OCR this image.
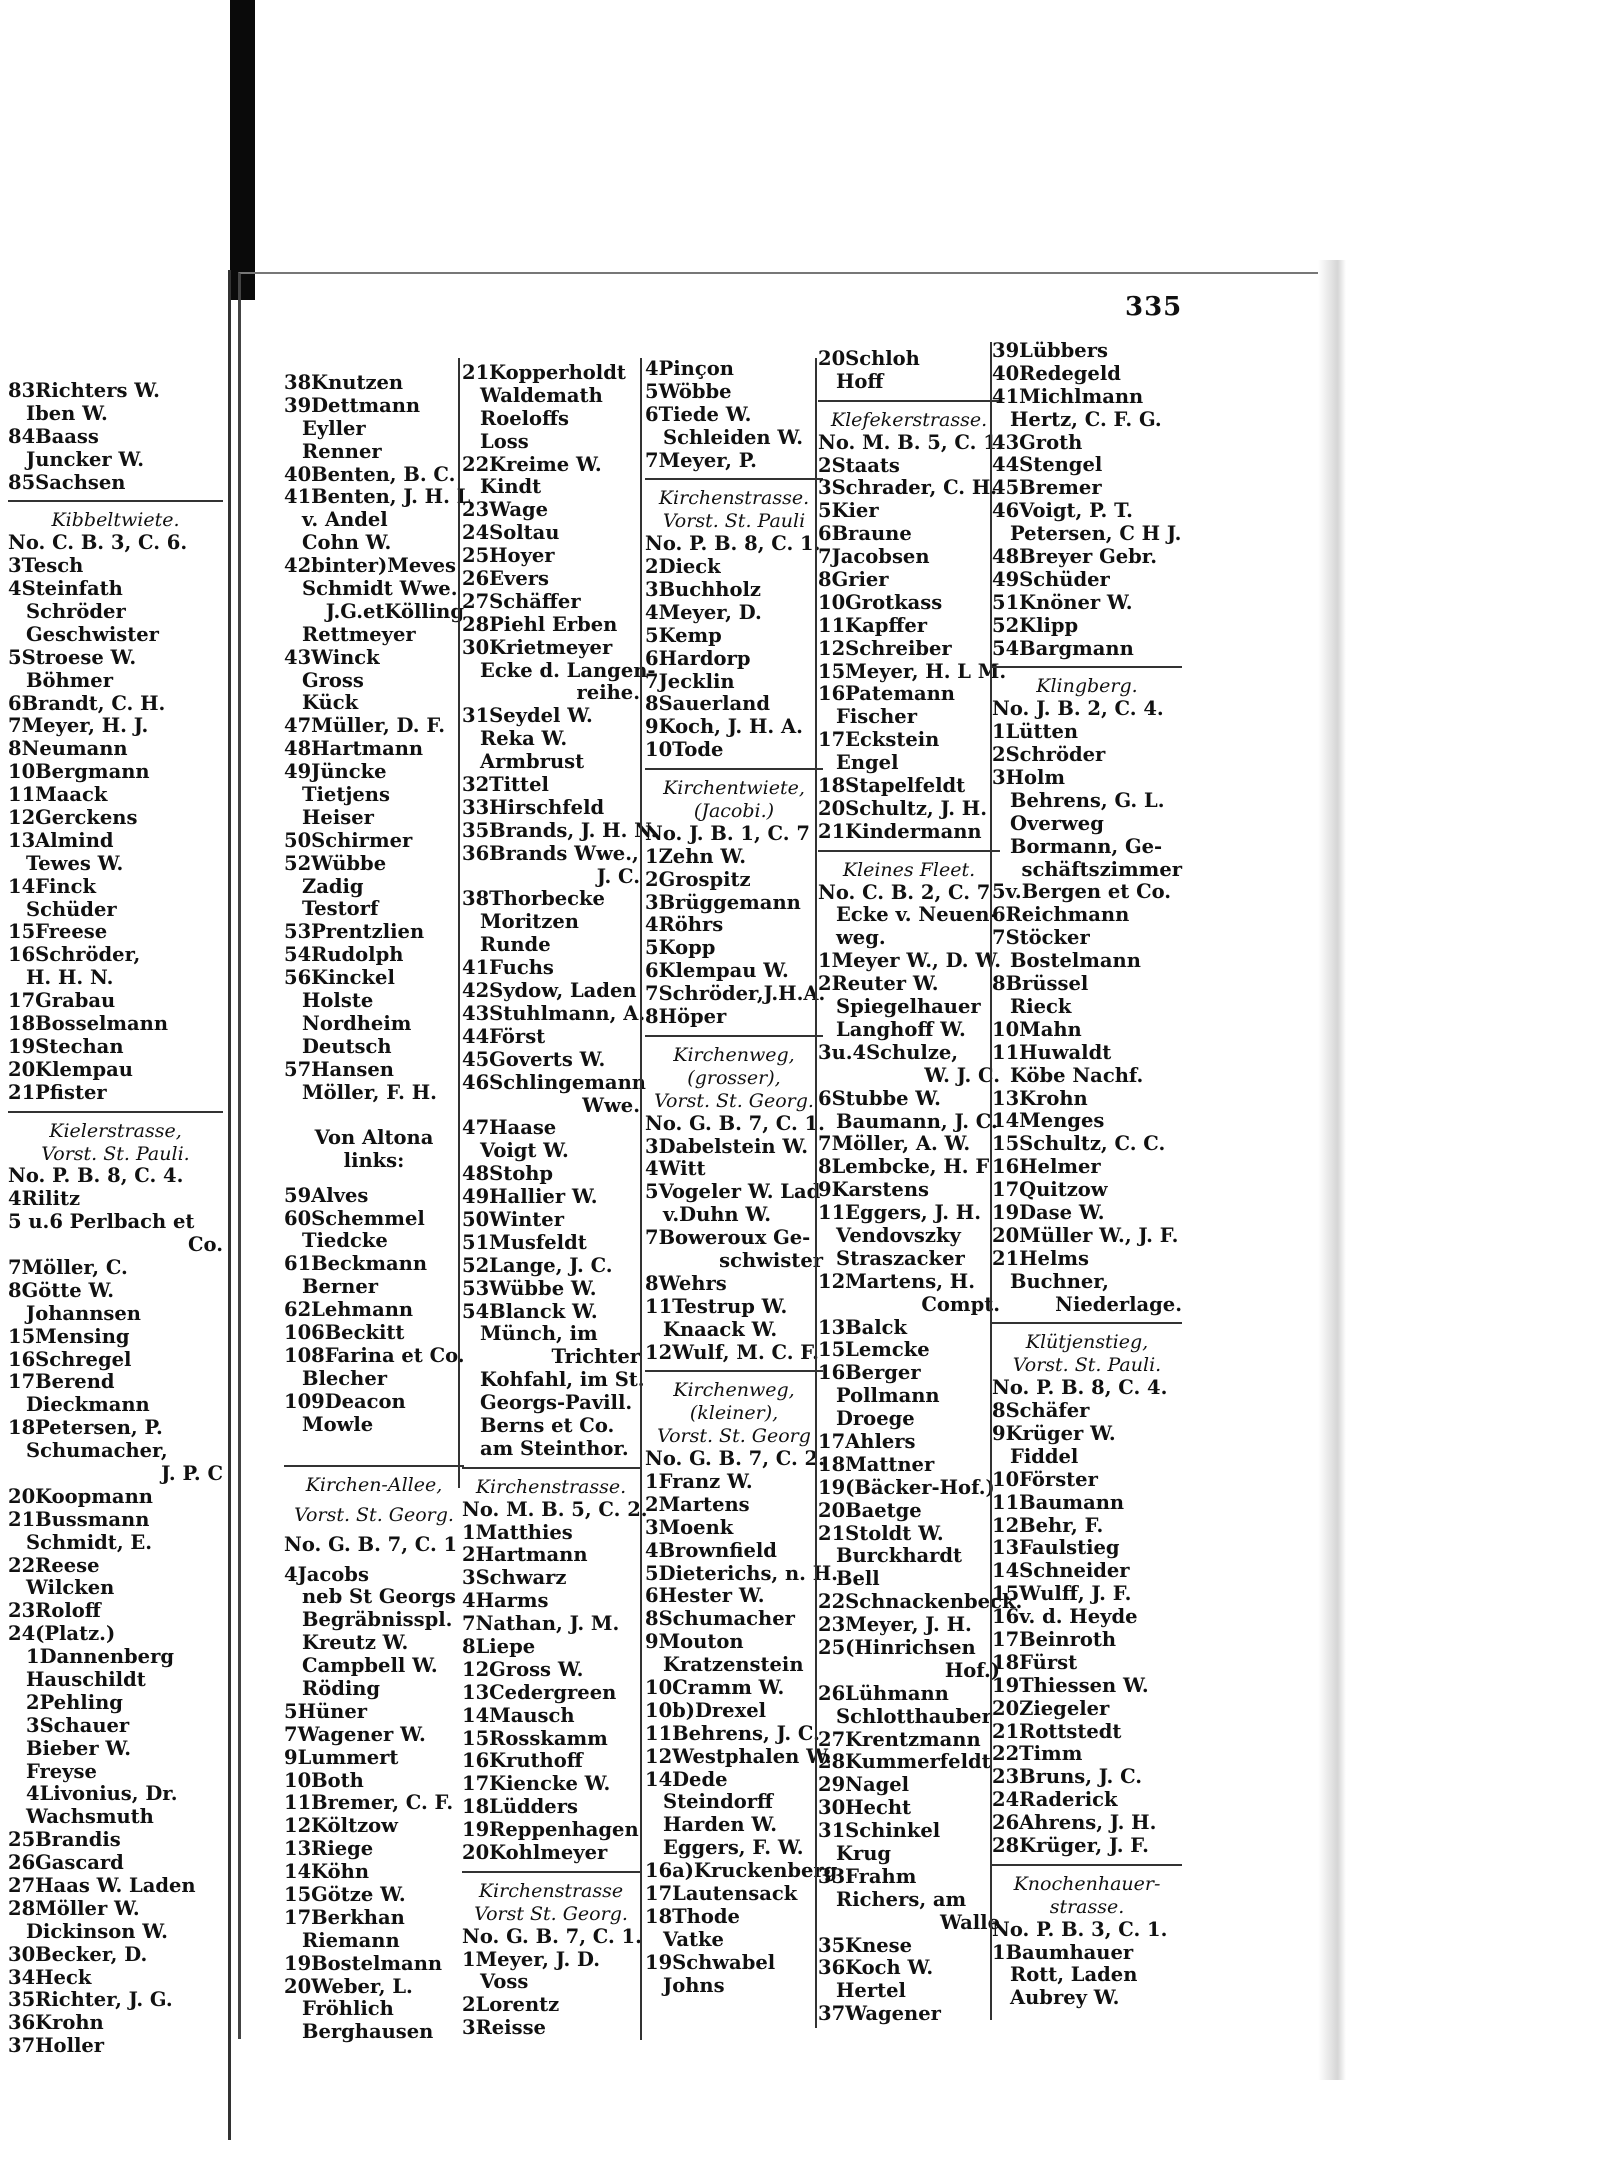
83Richters W.
Iben W.
84Baass
Juncker W.
85Sachsen
Kibbeltwiete.
No. C. B. 3, C. 6.
3Tesch
4Steinfath
Schröder
Geschwister
5Stroese W.
Böhmer
6Brandt, C. H.
7Meyer, H. J.
8Neumann
10Bergmann
11Maack
12Gerckens
13Almind
Tewes W.
14Finck
Schüder
15Freese
16Schröder,
H. H. N.
17Grabau
18Bosselmann
19Stechan
20Klempau
21Pfister
Kielerstrasse,
Vorst. St. Pauli.
No. P. B. 8, C. 4.
4Rilitz
5 u.6 Perlbach et
Co.
7Möller, C.
8Götte W.
Johannsen
15Mensing
16Schregel
17Berend
Dieckmann
18Petersen, P.
Schumacher,
J. P. C
20Koopmann
21Bussmann
Schmidt, E.
22Reese
Wilcken
23Roloff
24(Platz.)
1Dannenberg
Hauschildt
2Pehling
3Schauer
Bieber W.
Freyse
4Livonius, Dr.
Wachsmuth
25Brandis
26Gascard
27Haas W. Laden
28Möller W.
Dickinson W.
30Becker, D.
34Heck
35Richter, J. G.
36Krohn
37Holler
335
38Knutzen
39Dettmann
Eyller
Renner
40Benten, B. C.
41Benten, J. H. L
v. Andel
Cohn W.
42binter)Meves
Schmidt Wwe.
J.G.etKölling
Rettmeyer
43Winck
Gross
Kück
47Müller, D. F.
48Hartmann
49Jüncke
Tietjens
Heiser
50Schirmer
52Wübbe
Zadig
Testorf
53Prentzlien
54Rudolph
56Kinckel
Holste
Nordheim
Deutsch
57Hansen
Möller, F. H.
Von Altona
links:
59Alves
60Schemmel
Tiedcke
61Beckmann
Berner
62Lehmann
106Beckitt
108Farina et Co.
Blecher
109Deacon
Mowle
Kirchen-Allee,
Vorst. St. Georg.
No. G. B. 7, C. 1
4Jacobs
neb St Georgs
Begräbnisspl.
Kreutz W.
Campbell W.
Röding
5Hüner
7Wagener W.
9Lummert
10Both
11Bremer, C. F.
12Költzow
13Riege
14Köhn
15Götze W.
17Berkhan
Riemann
19Bostelmann
20Weber, L.
Fröhlich
Berghausen
21Kopperholdt
Waldemath
Roeloffs
Loss
22Kreime W.
Kindt
23Wage
24Soltau
25Hoyer
26Evers
27Schäffer
28Piehl Erben
30Krietmeyer
Ecke d. Langen-
reihe.
31Seydel W.
Reka W.
Armbrust
32Tittel
33Hirschfeld
35Brands, J. H. N.
36Brands Wwe.,
J. C.
38Thorbecke
Moritzen
Runde
41Fuchs
42Sydow, Laden
43Stuhlmann, A.
44Först
45Goverts W.
46Schlingemann
Wwe.
47Haase
Voigt W.
48Stohp
49Hallier W.
50Winter
51Musfeldt
52Lange, J. C.
53Wübbe W.
54Blanck W.
Münch, im
Trichter
Kohfahl, im St.
Georgs-Pavill.
Berns et Co.
am Steinthor.
Kirchenstrasse.
No. M. B. 5, C. 2.
1Matthies
2Hartmann
3Schwarz
4Harms
7Nathan, J. M.
8Liepe
12Gross W.
13Cedergreen
14Mausch
15Rosskamm
16Kruthoff
17Kiencke W.
18Lüdders
19Reppenhagen
20Kohlmeyer
Kirchenstrasse
Vorst St. Georg.
No. G. B. 7, C. 1.
1Meyer, J. D.
Voss
2Lorentz
3Reisse
4Pinçon
5Wöbbe
6Tiede W.
Schleiden W.
7Meyer, P.
Kirchenstrasse.
Vorst. St. Pauli
No. P. B. 8, C. 1.
2Dieck
3Buchholz
4Meyer, D.
5Kemp
6Hardorp
7Jecklin
8Sauerland
9Koch, J. H. A.
10Tode
Kirchentwiete,
(Jacobi.)
No. J. B. 1, C. 7
1Zehn W.
2Grospitz
3Brüggemann
4Röhrs
5Kopp
6Klempau W.
7Schröder,J.H.A.
8Höper
Kirchenweg,
(grosser),
Vorst. St. Georg.
No. G. B. 7, C. 1.
3Dabelstein W.
4Witt
5Vogeler W. Lad
v.Duhn W.
7Boweroux Ge-
schwister
8Wehrs
11Testrup W.
Knaack W.
12Wulf, M. C. F.
Kirchenweg,
(kleiner),
Vorst. St. Georg
No. G. B. 7, C. 2.
1Franz W.
2Martens
3Moenk
4Brownfield
5Dieterichs, n. H.
6Hester W.
8Schumacher
9Mouton
Kratzenstein
10Cramm W.
10b)Drexel
11Behrens, J. C.
12Westphalen W.
14Dede
Steindorff
Harden W.
Eggers, F. W.
16a)Kruckenberg
17Lautensack
18Thode
Vatke
19Schwabel
Johns
20Schloh
Hoff
Klefekerstrasse.
No. M. B. 5, C. 1.
2Staats
3Schrader, C. H.
5Kier
6Braune
7Jacobsen
8Grier
10Grotkass
11Kapffer
12Schreiber
15Meyer, H. L M.
16Patemann
Fischer
17Eckstein
Engel
18Stapelfeldt
20Schultz, J. H.
21Kindermann
Kleines Fleet.
No. C. B. 2, C. 7
Ecke v. Neuen-
weg.
1Meyer W., D. W.
2Reuter W.
Spiegelhauer
Langhoff W.
3u.4Schulze,
W. J. C.
6Stubbe W.
Baumann, J. C.
7Möller, A. W.
8Lembcke, H. F
9Karstens
11Eggers, J. H.
Vendovszky
Straszacker
12Martens, H.
Compt.
13Balck
15Lemcke
16Berger
Pollmann
Droege
17Ahlers
18Mattner
19(Bäcker-Hof.)
20Baetge
21Stoldt W.
Burckhardt
Bell
22Schnackenbeck.
23Meyer, J. H.
25(Hinrichsen
Hof.)
26Lühmann
Schlotthauber
27Krentzmann
28Kummerfeldt
29Nagel
30Hecht
31Schinkel
Krug
33Frahm
Richers, am
Walle
35Knese
36Koch W.
Hertel
37Wagener
39Lübbers
40Redegeld
41Michlmann
Hertz, C. F. G.
43Groth
44Stengel
45Bremer
46Voigt, P. T.
Petersen, C H J.
48Breyer Gebr.
49Schüder
51Knöner W.
52Klipp
54Bargmann
Klingberg.
No. J. B. 2, C. 4.
1Lütten
2Schröder
3Holm
Behrens, G. L.
Overweg
Bormann, Ge-
schäftszimmer
5v.Bergen et Co.
6Reichmann
7Stöcker
Bostelmann
8Brüssel
Rieck
10Mahn
11Huwaldt
Köbe Nachf.
13Krohn
14Menges
15Schultz, C. C.
16Helmer
17Quitzow
19Dase W.
20Müller W., J. F.
21Helms
Buchner,
Niederlage.
Klütjenstieg,
Vorst. St. Pauli.
No. P. B. 8, C. 4.
8Schäfer
9Krüger W.
Fiddel
10Förster
11Baumann
12Behr, F.
13Faulstieg
14Schneider
15Wulff, J. F.
16v. d. Heyde
17Beinroth
18Fürst
19Thiessen W.
20Ziegeler
21Rottstedt
22Timm
23Bruns, J. C.
24Raderick
26Ahrens, J. H.
28Krüger, J. F.
Knochenhauer-
strasse.
No. P. B. 3, C. 1.
1Baumhauer
Rott, Laden
Aubrey W.
